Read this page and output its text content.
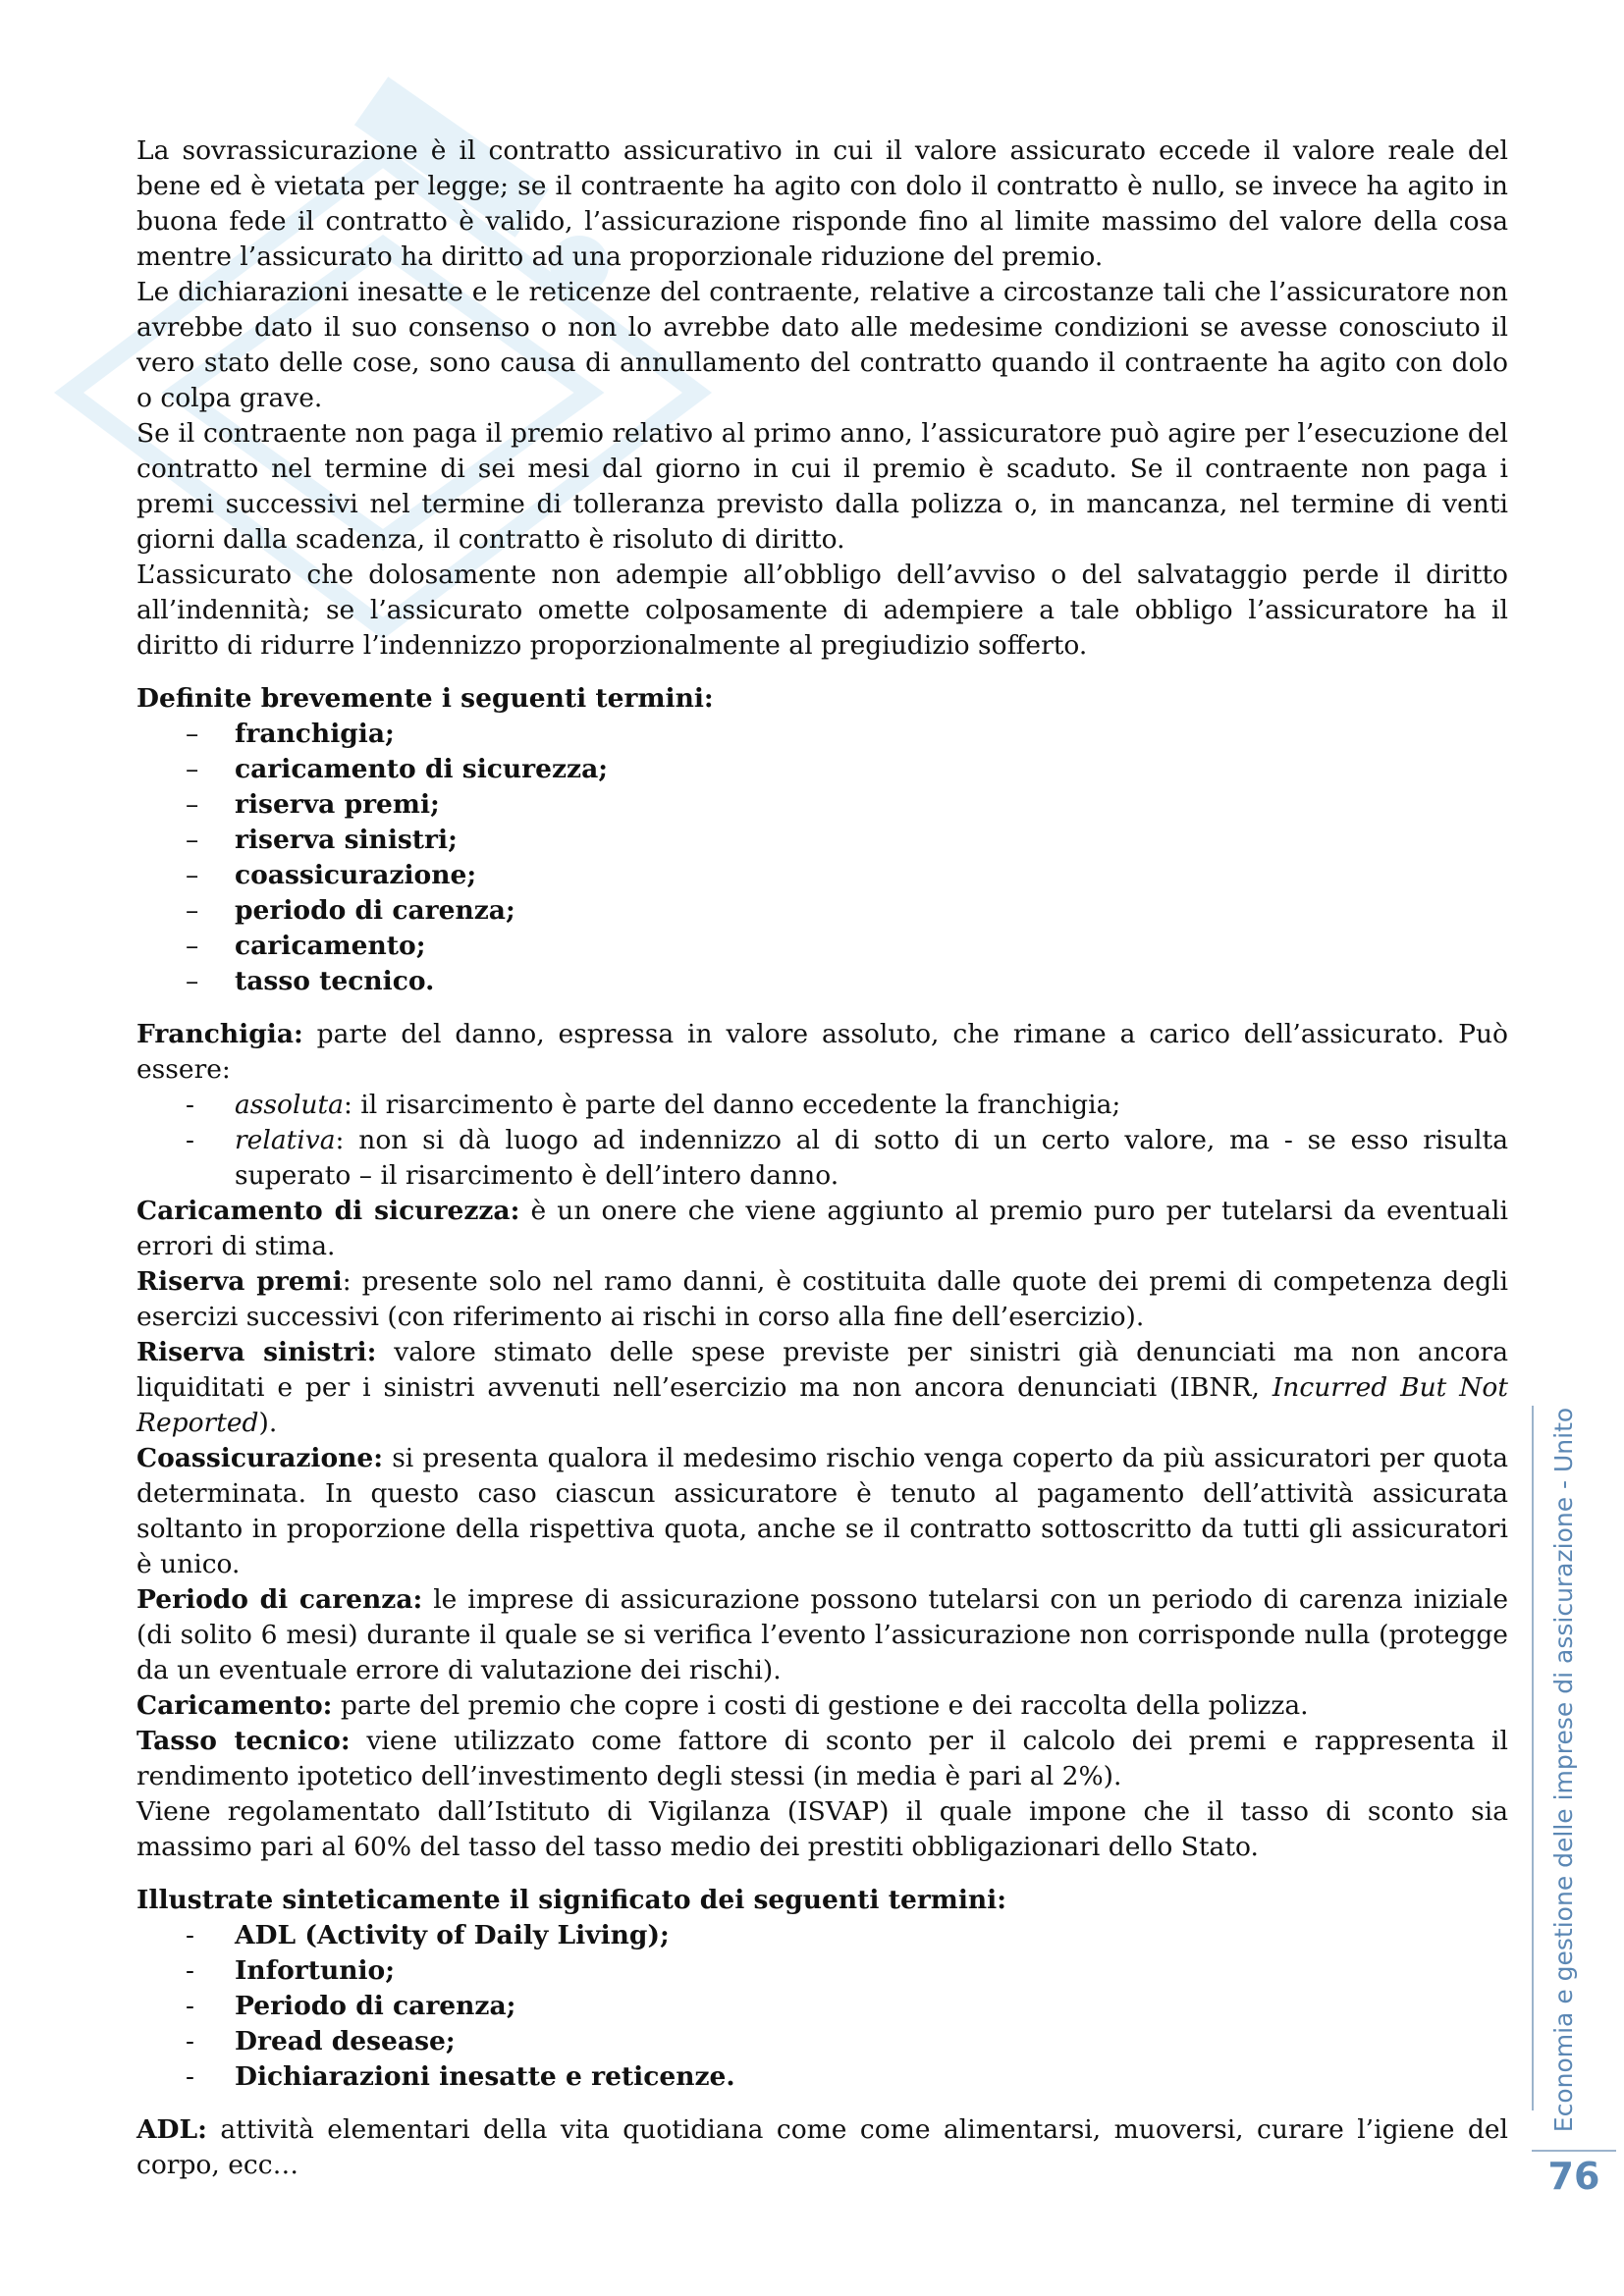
La sovrassicurazione è il contratto assicurativo in cui il valore assicurato eccede il valore reale del bene ed è vietata per legge; se il contraente ha agito con dolo il contratto è nullo, se invece ha agito in buona fede il contratto è valido, l’assicurazione risponde fino al limite massimo del valore della cosa mentre l’assicurato ha diritto ad una proporzionale riduzione del premio.

Le dichiarazioni inesatte e le reticenze del contraente, relative a circostanze tali che l’assicuratore non avrebbe dato il suo consenso o non lo avrebbe dato alle medesime condizioni se avesse conosciuto il vero stato delle cose, sono causa di annullamento del contratto quando il contraente ha agito con dolo o colpa grave.

Se il contraente non paga il premio relativo al primo anno, l’assicuratore può agire per l’esecuzione del contratto nel termine di sei mesi dal giorno in cui il premio è scaduto. Se il contraente non paga i premi successivi nel termine di tolleranza previsto dalla polizza o, in mancanza, nel termine di venti giorni dalla scadenza, il contratto è risoluto di diritto.

L’assicurato che dolosamente non adempie all’obbligo dell’avviso o del salvataggio perde il diritto all’indennità; se l’assicurato omette colposamente di adempiere a tale obbligo l’assicuratore ha il diritto di ridurre l’indennizzo proporzionalmente al pregiudizio sofferto.

Definite brevemente i seguenti termini:

– franchigia;
– caricamento di sicurezza;
– riserva premi;
– riserva sinistri;
– coassicurazione;
– periodo di carenza;
– caricamento;
– tasso tecnico.

Franchigia: parte del danno, espressa in valore assoluto, che rimane a carico dell’assicurato. Può essere:

- assoluta: il risarcimento è parte del danno eccedente la franchigia;
- relativa: non si dà luogo ad indennizzo al di sotto di un certo valore, ma - se esso risulta superato – il risarcimento è dell’intero danno.

Caricamento di sicurezza: è un onere che viene aggiunto al premio puro per tutelarsi da eventuali errori di stima.

Riserva premi: presente solo nel ramo danni, è costituita dalle quote dei premi di competenza degli esercizi successivi (con riferimento ai rischi in corso alla fine dell’esercizio).

Riserva sinistri: valore stimato delle spese previste per sinistri già denunciati ma non ancora liquiditati e per i sinistri avvenuti nell’esercizio ma non ancora denunciati (IBNR, Incurred But Not Reported).

Coassicurazione: si presenta qualora il medesimo rischio venga coperto da più assicuratori per quota determinata. In questo caso ciascun assicuratore è tenuto al pagamento dell’attività assicurata soltanto in proporzione della rispettiva quota, anche se il contratto sottoscritto da tutti gli assicuratori è unico.

Periodo di carenza: le imprese di assicurazione possono tutelarsi con un periodo di carenza iniziale (di solito 6 mesi) durante il quale se si verifica l’evento l’assicurazione non corrisponde nulla (protegge da un eventuale errore di valutazione dei rischi).

Caricamento: parte del premio che copre i costi di gestione e dei raccolta della polizza.

Tasso tecnico: viene utilizzato come fattore di sconto per il calcolo dei premi e rappresenta il rendimento ipotetico dell’investimento degli stessi (in media è pari al 2%).

Viene regolamentato dall’Istituto di Vigilanza (ISVAP) il quale impone che il tasso di sconto sia massimo pari al 60% del tasso del tasso medio dei prestiti obbligazionari dello Stato.

Illustrate sinteticamente il significato dei seguenti termini:

- ADL (Activity of Daily Living);
- Infortunio;
- Periodo di carenza;
- Dread desease;
- Dichiarazioni inesatte e reticenze.

ADL: attività elementari della vita quotidiana come come alimentarsi, muoversi, curare l’igiene del corpo, ecc…

Economia e gestione delle imprese di assicurazione - Unito
76
